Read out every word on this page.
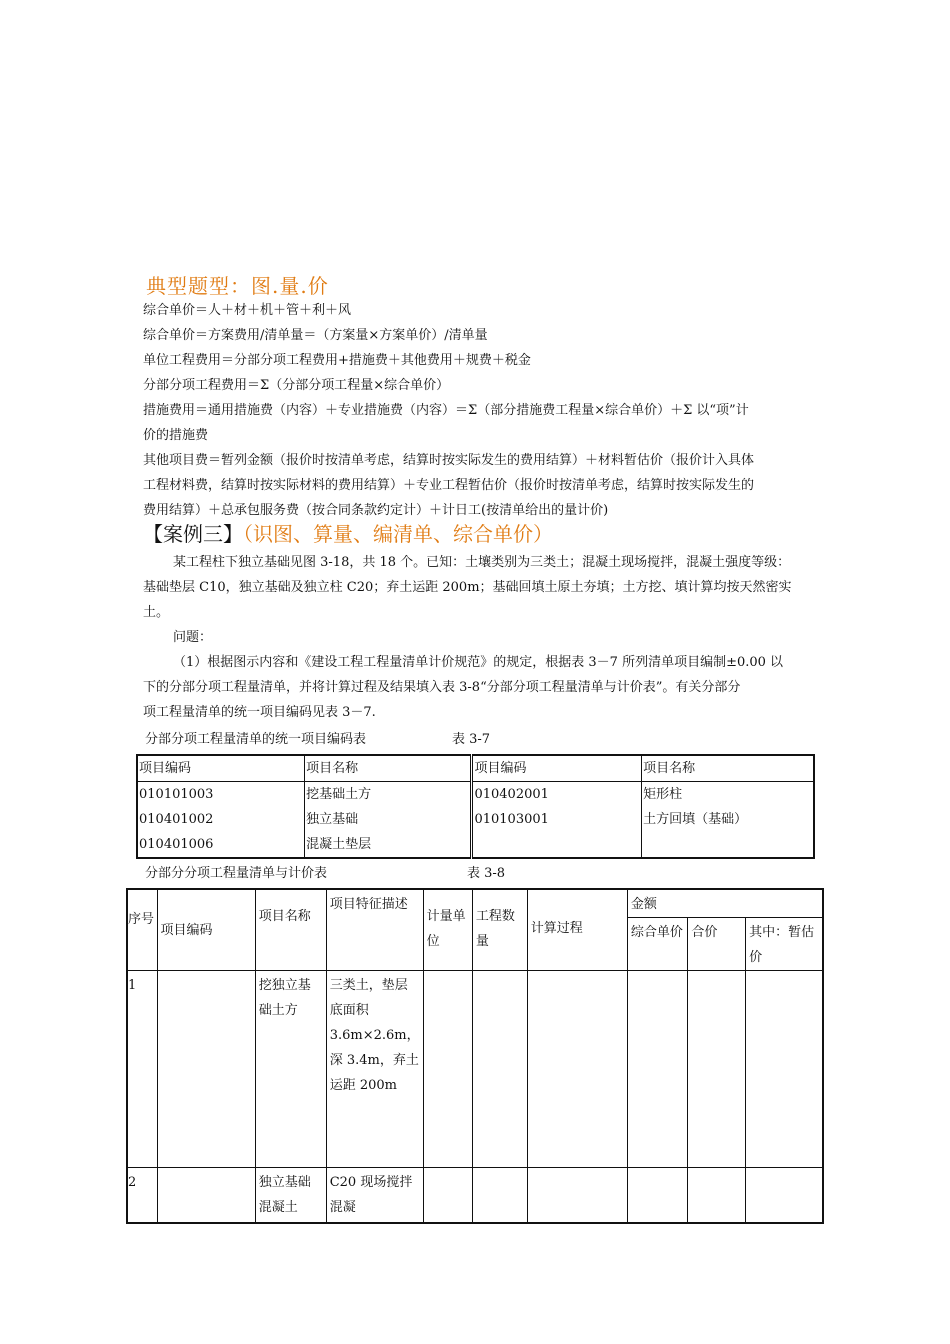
典型题型：图.量.价
综合单价＝人＋材＋机＋管＋利＋风
综合单价＝方案费用/清单量＝（方案量×方案单价）/清单量
单位工程费用＝分部分项工程费用+措施费＋其他费用＋规费＋税金
分部分项工程费用＝Σ（分部分项工程量×综合单价）
措施费用＝通用措施费（内容）＋专业措施费（内容）＝Σ（部分措施费工程量×综合单价）＋Σ 以“项”计
价的措施费
其他项目费＝暂列金额（报价时按清单考虑，结算时按实际发生的费用结算）＋材料暂估价（报价计入具体
工程材料费，结算时按实际材料的费用结算）＋专业工程暂估价（报价时按清单考虑，结算时按实际发生的
费用结算）＋总承包服务费（按合同条款约定计）＋计日工(按清单给出的量计价)
【案例三】（识图、算量、编清单、综合单价）
某工程柱下独立基础见图 3-18，共 18 个。已知：土壤类别为三类土；混凝土现场搅拌，混凝土强度等级：
基础垫层 C10，独立基础及独立柱 C20；弃土运距 200m；基础回填土原土夯填；土方挖、填计算均按天然密实
土。
问题：
（1）根据图示内容和《建设工程工程量清单计价规范》的规定，根据表 3－7 所列清单项目编制±0.00 以
下的分部分项工程量清单，并将计算过程及结果填入表 3-8“分部分项工程量清单与计价表”。有关分部分
项工程量清单的统一项目编码见表 3－7.
分部分项工程量清单的统一项目编码表	表 3-7
项目编码	项目名称	项目编码	项目名称
010101003	挖基础土方	010402001	矩形柱
010401002	独立基础	010103001	土方回填（基础）
010401006	混凝土垫层		
分部分分项工程量清单与计价表	表 3-8
序号	项目编码	项目名称	项目特征描述	计量单位	工程数量	计算过程	金额		
							综合单价	合价	其中：暂估价
1		挖独立基础土方	三类土，垫层底面积 3.6m×2.6m，深 3.4m，弃土运距 200m						
2		独立基础混凝土	C20 现场搅拌混凝						
